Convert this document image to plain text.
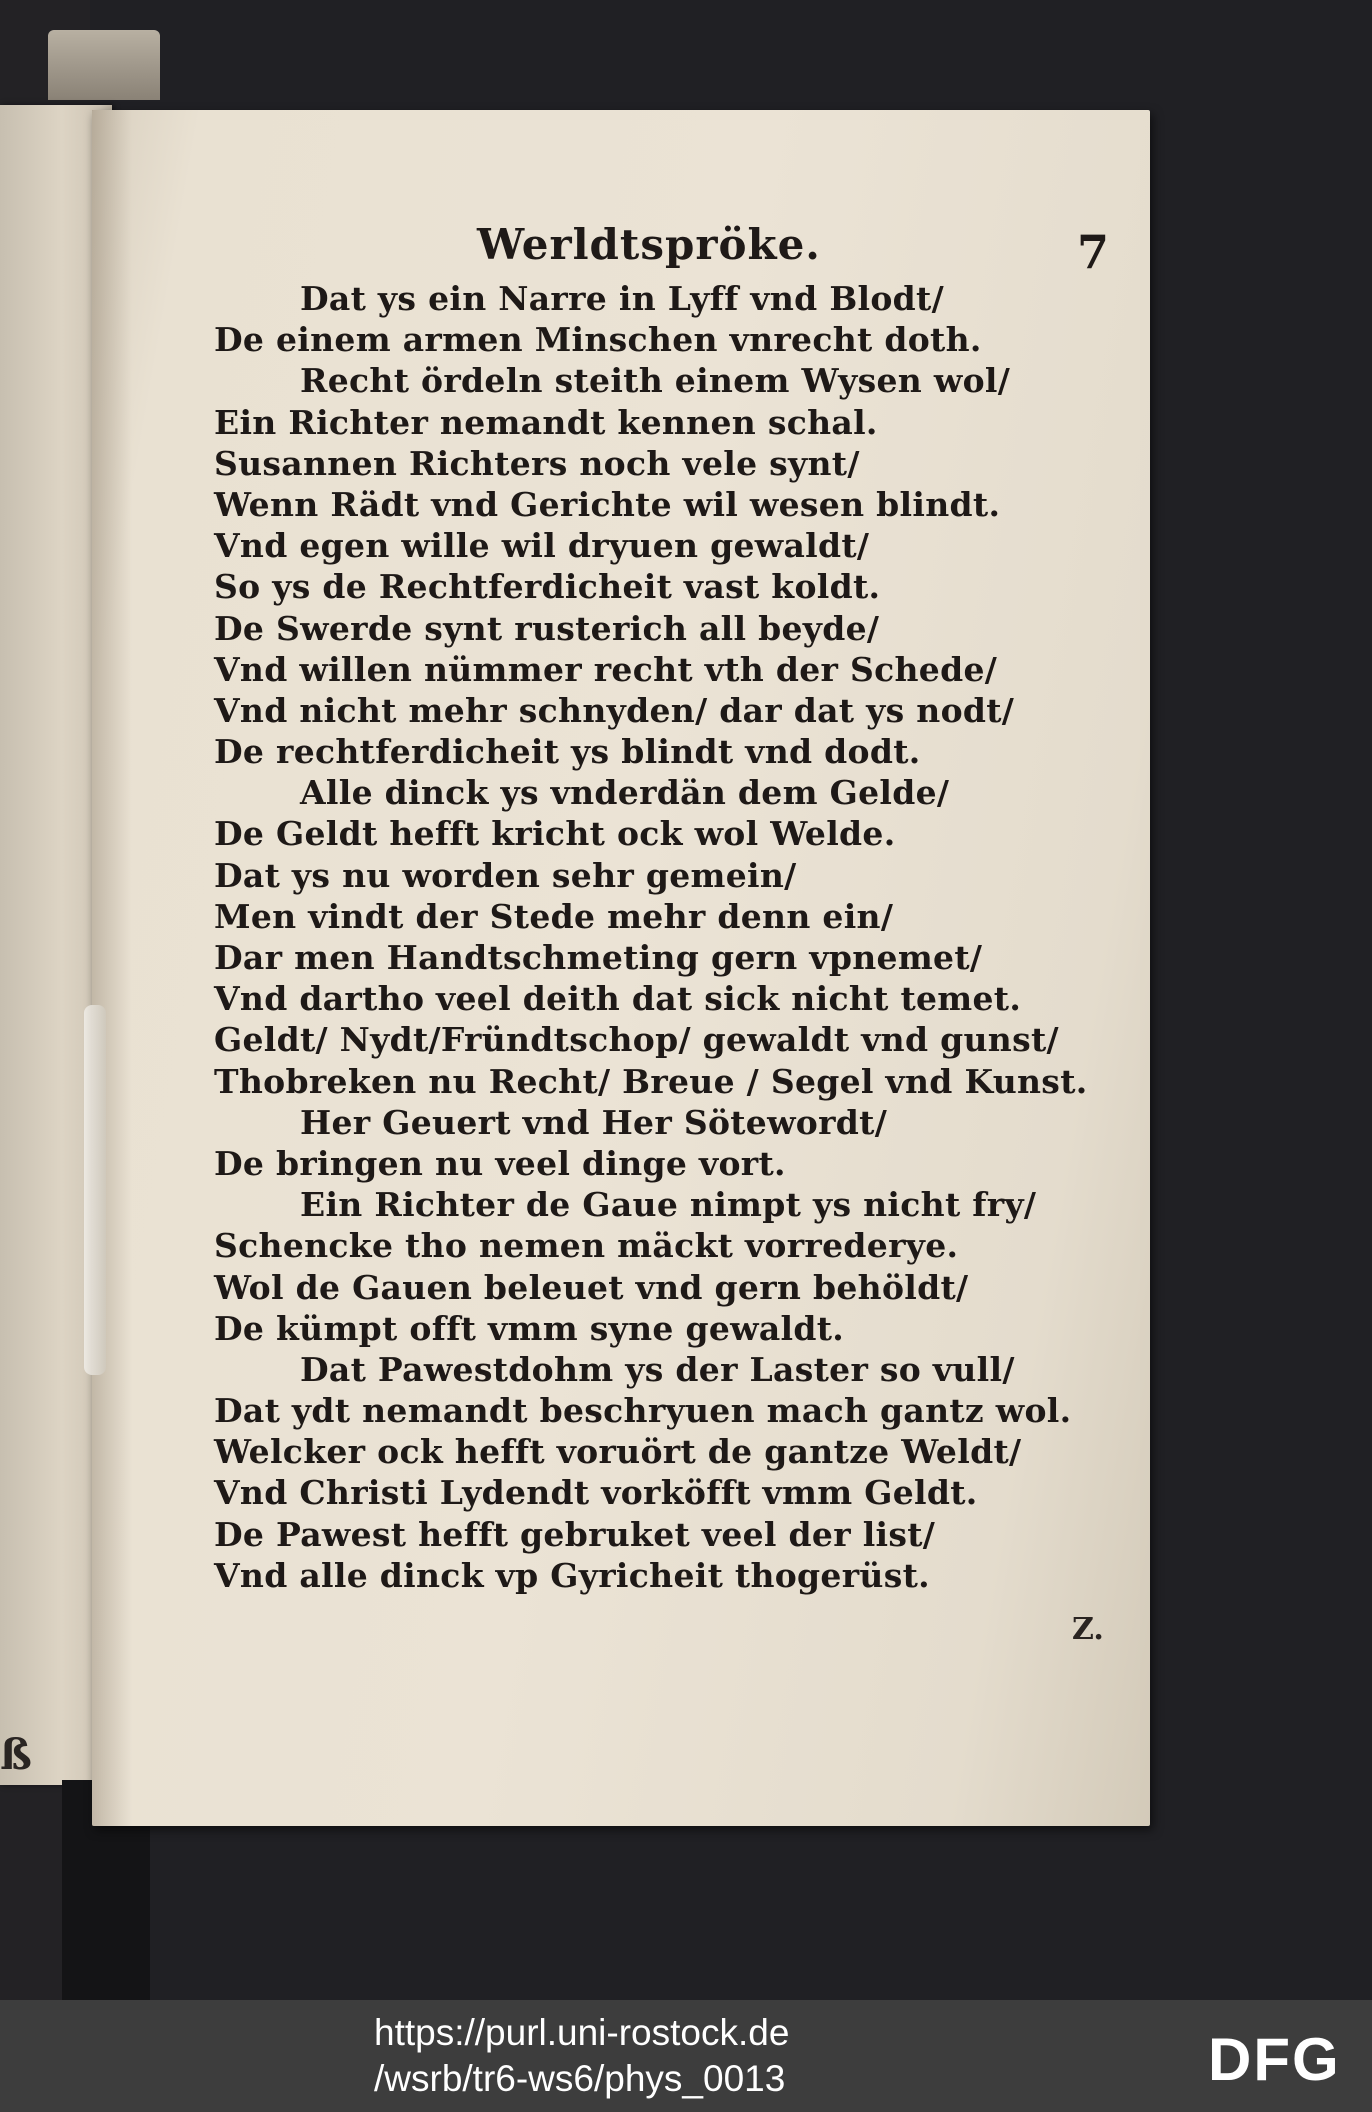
ß
Werldtspröke.	7
Dat ys ein Narre in Lyff vnd Blodt/
De einem armen Minschen vnrecht doth.
Recht ördeln steith einem Wysen wol/
Ein Richter nemandt kennen schal.
Susannen Richters noch vele synt/
Wenn Rädt vnd Gerichte wil wesen blindt.
Vnd egen wille wil dryuen gewaldt/
So ys de Rechtferdicheit vast koldt.
De Swerde synt rusterich all beyde/
Vnd willen nümmer recht vth der Schede/
Vnd nicht mehr schnyden/ dar dat ys nodt/
De rechtferdicheit ys blindt vnd dodt.
Alle dinck ys vnderdän dem Gelde/
De Geldt hefft kricht ock wol Welde.
Dat ys nu worden sehr gemein/
Men vindt der Stede mehr denn ein/
Dar men Handtschmeting gern vpnemet/
Vnd dartho veel deith dat sick nicht temet.
Geldt/ Nydt/Fründtschop/ gewaldt vnd gunst/
Thobreken nu Recht/ Breue / Segel vnd Kunst.
Her Geuert vnd Her Sötewordt/
De bringen nu veel dinge vort.
Ein Richter de Gaue nimpt ys nicht fry/
Schencke tho nemen mäckt vorrederye.
Wol de Gauen beleuet vnd gern behöldt/
De kümpt offt vmm syne gewaldt.
Dat Pawestdohm ys der Laster so vull/
Dat ydt nemandt beschryuen mach gantz wol.
Welcker ock hefft voruört de gantze Weldt/
Vnd Christi Lydendt vorköfft vmm Geldt.
De Pawest hefft gebruket veel der list/
Vnd alle dinck vp Gyricheit thogerüst.
Z.
https://purl.uni-rostock.de
/wsrb/tr6-ws6/phys_0013	DFG
